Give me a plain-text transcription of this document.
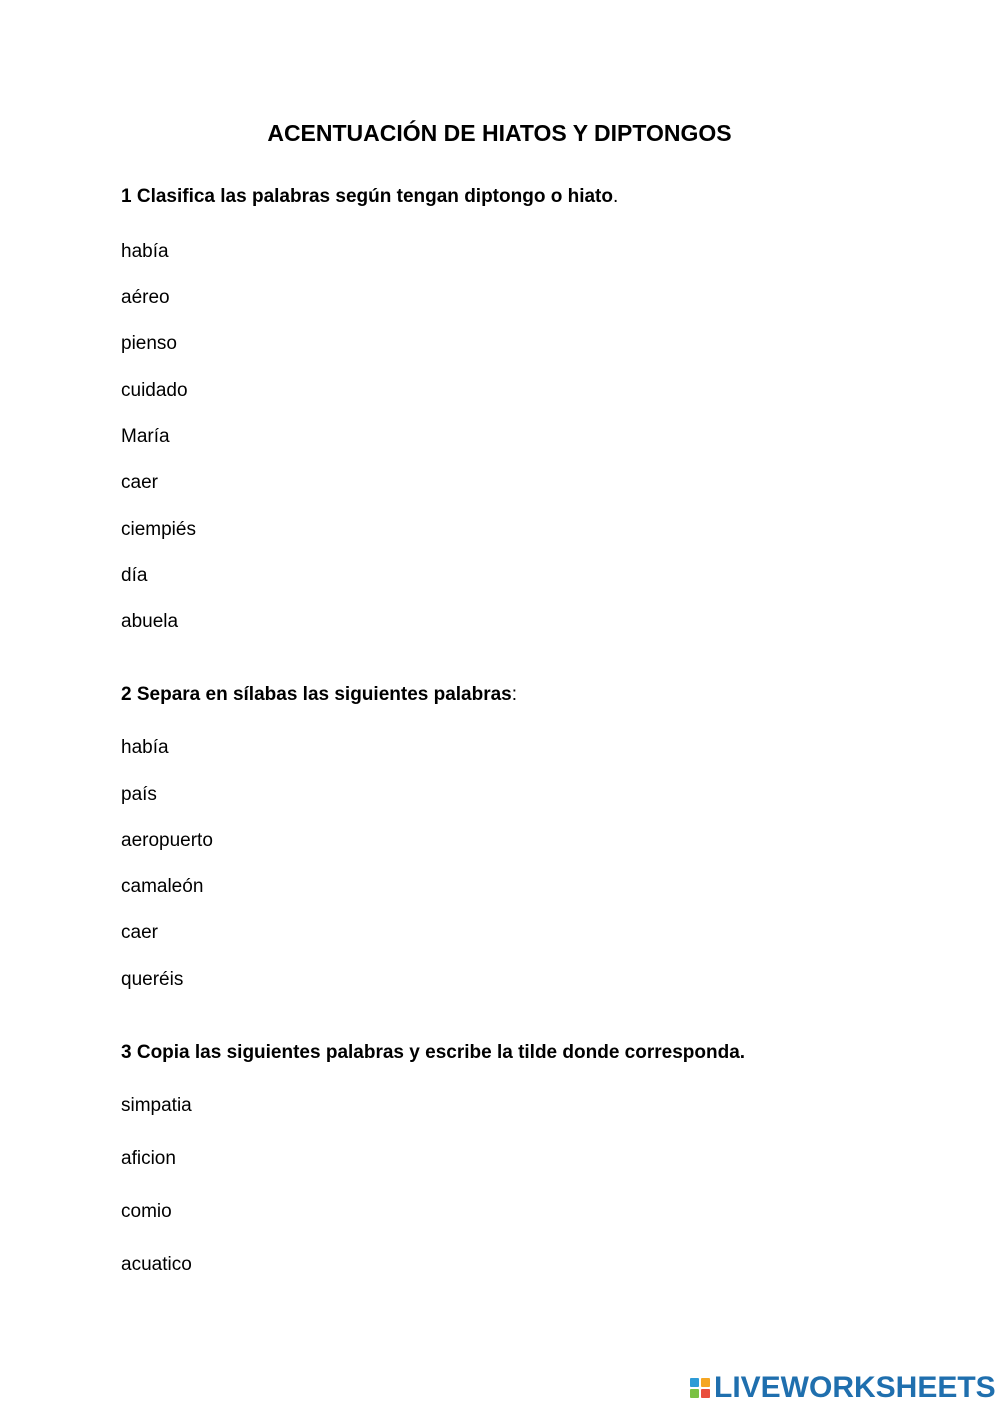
ACENTUACIÓN DE HIATOS Y DIPTONGOS

1 Clasifica las palabras según tengan diptongo o hiato.

había

aéreo

pienso

cuidado

María

caer

ciempiés

día

abuela

2 Separa en sílabas las siguientes palabras:

había

país

aeropuerto

camaleón

caer

queréis

3 Copia las siguientes palabras y escribe la tilde donde corresponda.

simpatia

aficion

comio

acuatico

LIVEWORKSHEETS
